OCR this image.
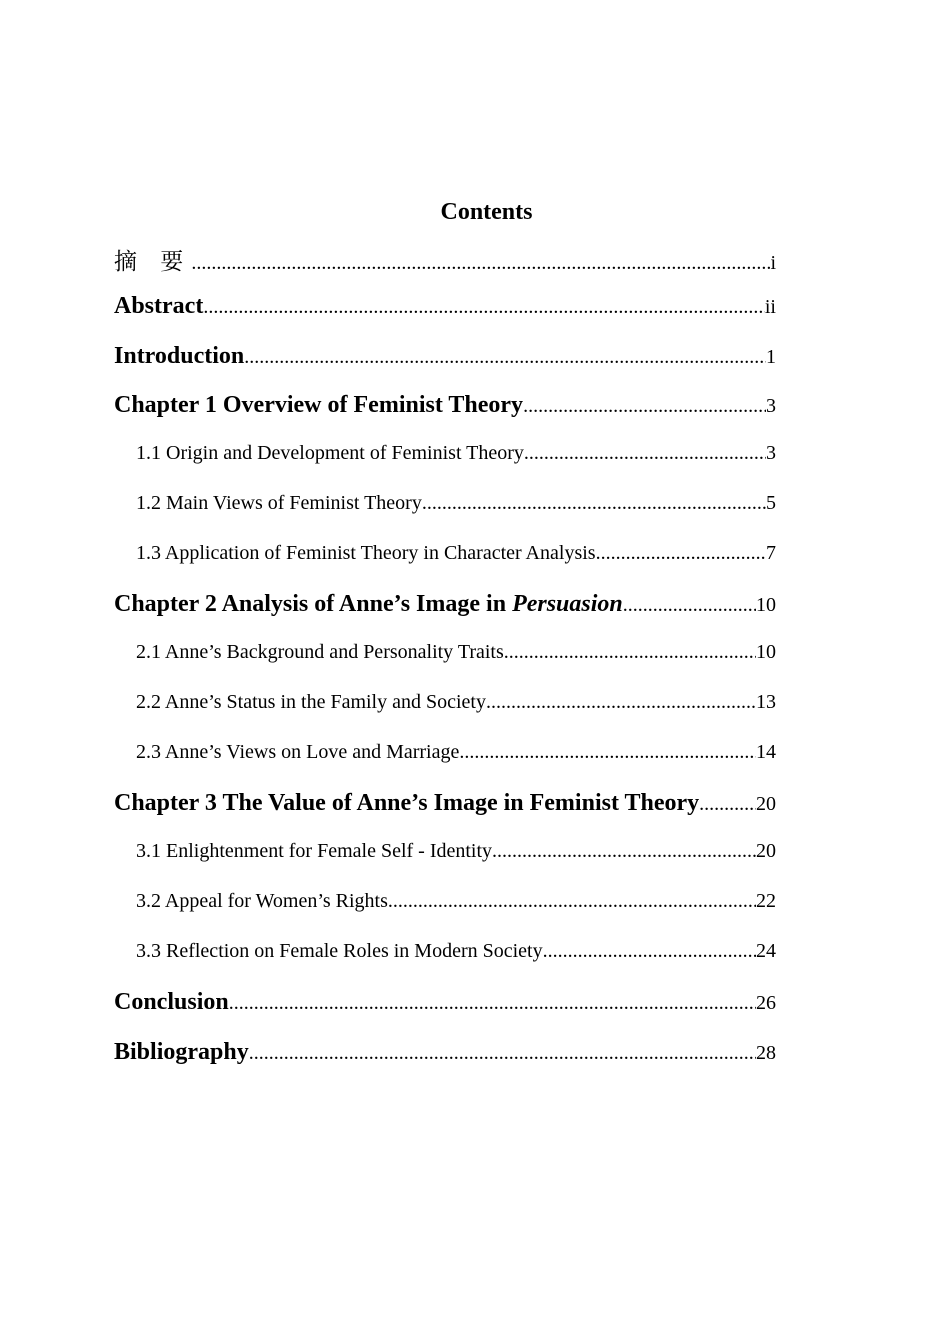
Contents
摘 要 .....	i
Abstract .....	ii
Introduction .....	1
Chapter 1 Overview of Feminist Theory .....	3
1.1 Origin and Development of Feminist Theory .....	3
1.2 Main Views of Feminist Theory .....	5
1.3 Application of Feminist Theory in Character Analysis .....	7
Chapter 2 Analysis of Anne’s Image in Persuasion .....	10
2.1 Anne’s Background and Personality Traits .....	10
2.2 Anne’s Status in the Family and Society .....	13
2.3 Anne’s Views on Love and Marriage .....	14
Chapter 3 The Value of Anne’s Image in Feminist Theory .....	20
3.1 Enlightenment for Female Self - Identity .....	20
3.2 Appeal for Women’s Rights .....	22
3.3 Reflection on Female Roles in Modern Society .....	24
Conclusion .....	26
Bibliography .....	28
